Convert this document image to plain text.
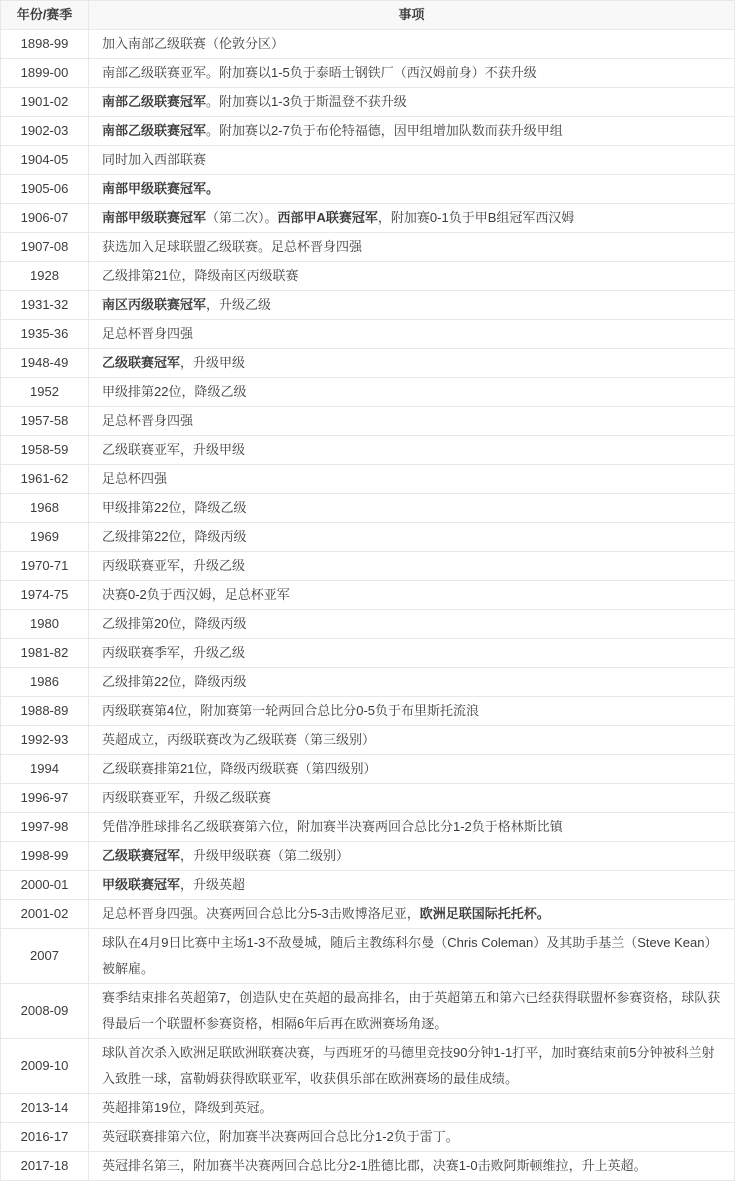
年份/赛季	事项
1898-99	加入南部乙级联赛（伦敦分区）
1899-00	南部乙级联赛亚军。附加赛以1-5负于泰晤士钢铁厂（西汉姆前身）不获升级
1901-02	南部乙级联赛冠军。附加赛以1-3负于斯温登不获升级
1902-03	南部乙级联赛冠军。附加赛以2-7负于布伦特福德，因甲组增加队数而获升级甲组
1904-05	同时加入西部联赛
1905-06	南部甲级联赛冠军。
1906-07	南部甲级联赛冠军（第二次）。西部甲A联赛冠军，附加赛0-1负于甲B组冠军西汉姆
1907-08	获选加入足球联盟乙级联赛。足总杯晋身四强
1928	乙级排第21位，降级南区丙级联赛
1931-32	南区丙级联赛冠军，升级乙级
1935-36	足总杯晋身四强
1948-49	乙级联赛冠军，升级甲级
1952	甲级排第22位，降级乙级
1957-58	足总杯晋身四强
1958-59	乙级联赛亚军，升级甲级
1961-62	足总杯四强
1968	甲级排第22位，降级乙级
1969	乙级排第22位，降级丙级
1970-71	丙级联赛亚军，升级乙级
1974-75	决赛0-2负于西汉姆，足总杯亚军
1980	乙级排第20位，降级丙级
1981-82	丙级联赛季军，升级乙级
1986	乙级排第22位，降级丙级
1988-89	丙级联赛第4位，附加赛第一轮两回合总比分0-5负于布里斯托流浪
1992-93	英超成立，丙级联赛改为乙级联赛（第三级别）
1994	乙级联赛排第21位，降级丙级联赛（第四级别）
1996-97	丙级联赛亚军，升级乙级联赛
1997-98	凭借净胜球排名乙级联赛第六位，附加赛半决赛两回合总比分1-2负于格林斯比镇
1998-99	乙级联赛冠军，升级甲级联赛（第二级别）
2000-01	甲级联赛冠军，升级英超
2001-02	足总杯晋身四强。决赛两回合总比分5-3击败博洛尼亚，欧洲足联国际托托杯。
2007	球队在4月9日比赛中主场1-3不敌曼城，随后主教练科尔曼（Chris Coleman）及其助手基兰（Steve Kean）被解雇。
2008-09	赛季结束排名英超第7，创造队史在英超的最高排名，由于英超第五和第六已经获得联盟杯参赛资格，球队获得最后一个联盟杯参赛资格，相隔6年后再在欧洲赛场角逐。
2009-10	球队首次杀入欧洲足联欧洲联赛决赛，与西班牙的马德里竞技90分钟1-1打平，加时赛结束前5分钟被科兰射入致胜一球，富勒姆获得欧联亚军，收获俱乐部在欧洲赛场的最佳成绩。
2013-14	英超排第19位，降级到英冠。
2016-17	英冠联赛排第六位，附加赛半决赛两回合总比分1-2负于雷丁。
2017-18	英冠排名第三，附加赛半决赛两回合总比分2-1胜德比郡，决赛1-0击败阿斯顿维拉，升上英超。
